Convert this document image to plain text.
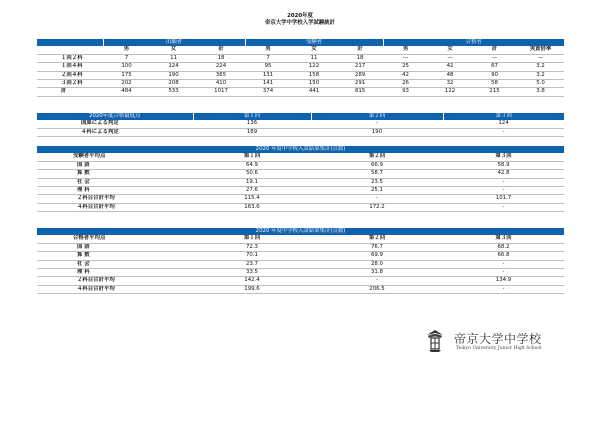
2020年度
帝京大学中学校入学試験統計
	出願者			受験者			合格者			
	男	女	計	男	女	計	男	女	計	実質倍率
１回２科	7	11	18	7	11	18	—	—	—	—
１回４科	100	124	224	95	122	217	25	42	67	3.2
２回４科	175	190	365	131	158	289	42	48	90	3.2
３回２科	202	208	410	141	150	291	26	32	58	5.0
計	484	533	1017	374	441	815	93	122	215	3.8
2020年度合格最低点	第１回	第２回	第３回
国算による判定	136	-	124
４科による判定	189	190	-
2020 年度中学校入試結果集計(点数)			
受験者平均点	第１回	第２回	第３回
国 語	64.9	66.9	58.9
算 数	50.6	58.7	42.8
社 会	19.1	23.5	-
理 科	27.6	25.1	-
２科目合計平均	115.4	-	101.7
４科目合計平均	163.6	172.2	-
2020 年度中学校入試結果集計(点数)			
合格者平均点	第１回	第２回	第３回
国 語	72.3	76.7	68.2
算 数	70.1	69.9	66.8
社 会	23.7	28.0	-
理 科	33.5	31.8	-
２科目合計平均	142.4	-	134.9
４科目合計平均	199.6	206.5	-
帝京大学中学校
Teikyo University Junior High School
